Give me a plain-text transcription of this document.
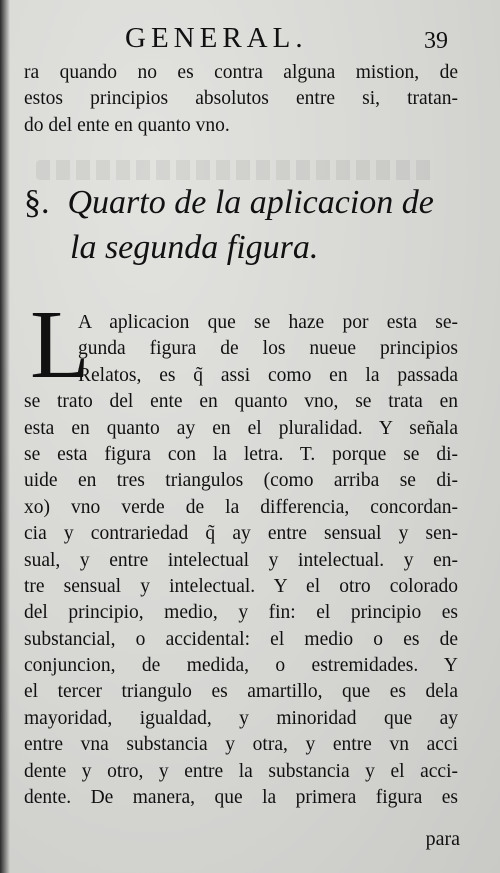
GENERAL.	39
ra quando no es contra alguna mistion, de
estos principios absolutos entre si, tratan-
do del ente en quanto vno.
§. Quarto de la aplicacion de
la segunda figura.
L
A aplicacion que se haze por esta se-
gunda figura de los nueue principios
Relatos, es q̃ assi como en la passada
se trato del ente en quanto vno, se trata en
esta en quanto ay en el pluralidad. Y señala
se esta figura con la letra. T. porque se di-
uide en tres triangulos (como arriba se di-
xo) vno verde de la differencia, concordan-
cia y contrariedad q̃ ay entre sensual y sen-
sual, y entre intelectual y intelectual. y en-
tre sensual y intelectual. Y el otro colorado
del principio, medio, y fin: el principio es
substancial, o accidental: el medio o es de
conjuncion, de medida, o estremidades. Y
el tercer triangulo es amartillo, que es dela
mayoridad, igualdad, y minoridad que ay
entre vna substancia y otra, y entre vn acci
dente y otro, y entre la substancia y el acci-
dente. De manera, que la primera figura es
para
